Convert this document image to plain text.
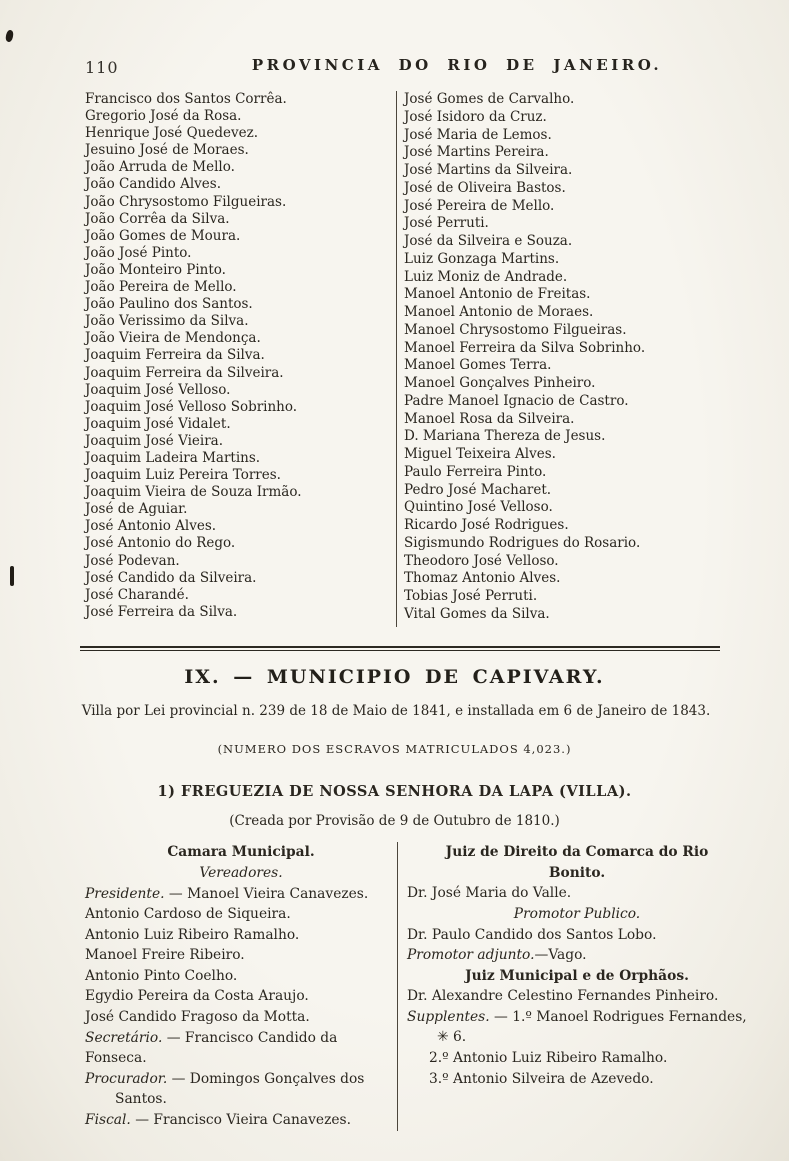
110	PROVINCIA DO RIO DE JANEIRO.
Francisco dos Santos Corrêa.
Gregorio José da Rosa.
Henrique José Quedevez.
Jesuino José de Moraes.
João Arruda de Mello.
João Candido Alves.
João Chrysostomo Filgueiras.
João Corrêa da Silva.
João Gomes de Moura.
João José Pinto.
João Monteiro Pinto.
João Pereira de Mello.
João Paulino dos Santos.
João Verissimo da Silva.
João Vieira de Mendonça.
Joaquim Ferreira da Silva.
Joaquim Ferreira da Silveira.
Joaquim José Velloso.
Joaquim José Velloso Sobrinho.
Joaquim José Vidalet.
Joaquim José Vieira.
Joaquim Ladeira Martins.
Joaquim Luiz Pereira Torres.
Joaquim Vieira de Souza Irmão.
José de Aguiar.
José Antonio Alves.
José Antonio do Rego.
José Podevan.
José Candido da Silveira.
José Charandé.
José Ferreira da Silva.
José Gomes de Carvalho.
José Isidoro da Cruz.
José Maria de Lemos.
José Martins Pereira.
José Martins da Silveira.
José de Oliveira Bastos.
José Pereira de Mello.
José Perruti.
José da Silveira e Souza.
Luiz Gonzaga Martins.
Luiz Moniz de Andrade.
Manoel Antonio de Freitas.
Manoel Antonio de Moraes.
Manoel Chrysostomo Filgueiras.
Manoel Ferreira da Silva Sobrinho.
Manoel Gomes Terra.
Manoel Gonçalves Pinheiro.
Padre Manoel Ignacio de Castro.
Manoel Rosa da Silveira.
D. Mariana Thereza de Jesus.
Miguel Teixeira Alves.
Paulo Ferreira Pinto.
Pedro José Macharet.
Quintino José Velloso.
Ricardo José Rodrigues.
Sigismundo Rodrigues do Rosario.
Theodoro José Velloso.
Thomaz Antonio Alves.
Tobias José Perruti.
Vital Gomes da Silva.
IX. — MUNICIPIO DE CAPIVARY.

Villa por Lei provincial n. 239 de 18 de Maio de 1841, e installada em 6 de Janeiro de 1843.

(NUMERO DOS ESCRAVOS MATRICULADOS 4,023.)

1) FREGUEZIA DE NOSSA SENHORA DA LAPA (VILLA).

(Creada por Provisão de 9 de Outubro de 1810.)

Camara Municipal.
Vereadores.
Presidente. — Manoel Vieira Canavezes.
Antonio Cardoso de Siqueira.
Antonio Luiz Ribeiro Ramalho.
Manoel Freire Ribeiro.
Antonio Pinto Coelho.
Egydio Pereira da Costa Araujo.
José Candido Fragoso da Motta.
Secretário. — Francisco Candido da Fonseca.
Procurador. — Domingos Gonçalves dos Santos.
Fiscal. — Francisco Vieira Canavezes.
Juiz de Direito da Comarca do Rio Bonito.
Dr. José Maria do Valle.
Promotor Publico.
Dr. Paulo Candido dos Santos Lobo.
Promotor adjunto.—Vago.
Juiz Municipal e de Orphãos.
Dr. Alexandre Celestino Fernandes Pinheiro.
Supplentes. — 1.º Manoel Rodrigues Fernandes, ✳ 6.
2.º Antonio Luiz Ribeiro Ramalho.
3.º Antonio Silveira de Azevedo.
